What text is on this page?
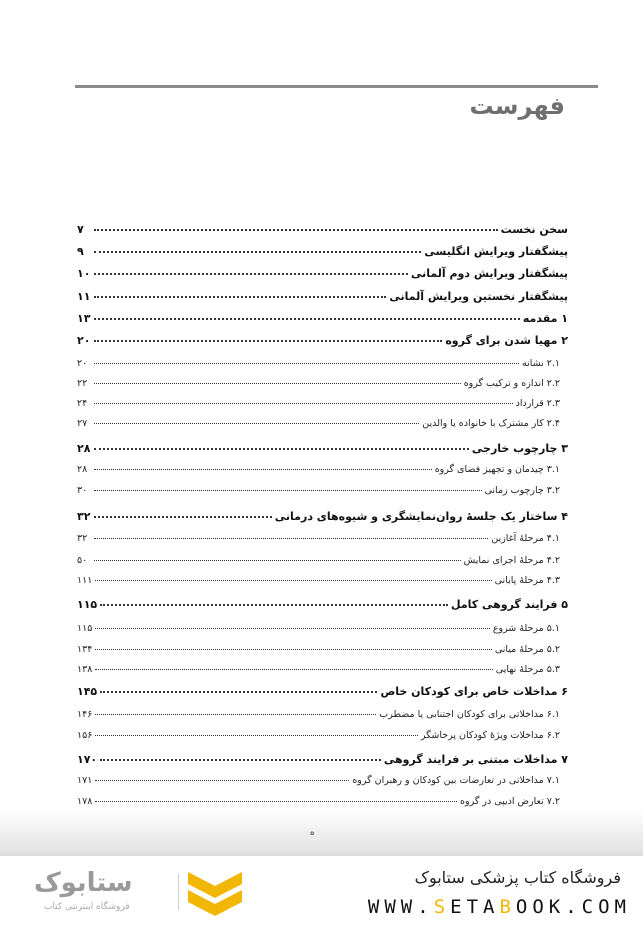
فهرست
سخن نخست
۷
پیشگفتار ویرایش انگلیسی
۹
پیشگفتار ویرایش دوم آلمانی
۱۰
پیشگفتار نخستین ویرایش آلمانی
۱۱
۱ مقدمه
۱۳
۲ مهیا شدن برای گروه
۲۰
۲.۱ نشانه
۲۰
۲.۲ اندازه و ترکیب گروه
۲۲
۲.۳ قرارداد
۲۴
۲.۴ کار مشترک با خانواده یا والدین
۲۷
۳ چارچوب خارجی
۲۸
۳.۱ چیدمان و تجهیز فضای گروه
۲۸
۳.۲ چارچوب زمانی
۳۰
۴ ساختار یک جلسهٔ روان‌نمایشگری و شیوه‌های درمانی
۳۲
۴.۱ مرحلهٔ آغازین
۳۲
۴.۲ مرحلهٔ اجرای نمایش
۵۰
۴.۳ مرحلهٔ پایانی
۱۱۱
۵ فرایند گروهی کامل
۱۱۵
۵.۱ مرحلهٔ شروع
۱۱۵
۵.۲ مرحلهٔ میانی
۱۳۴
۵.۳ مرحلهٔ نهایی
۱۳۸
۶ مداخلات خاص برای کودکان خاص
۱۴۵
۶.۱ مداخلاتی برای کودکان اجتنابی یا مضطرب
۱۴۶
۶.۲ مداخلات ویژهٔ کودکان پرخاشگر
۱۵۶
۷ مداخلات مبتنی بر فرایند گروهی
۱۷۰
۷.۱ مداخلاتی در تعارضات بین کودکان و رهبران گروه
۱۷۱
۷.۲ تعارض ادیپی در گروه
۱۷۸
ه
ستابوک
فروشگاه اینترنتی کتاب
فروشگاه کتاب پزشکی ستابوک
WWW.SETABOOK.COM
